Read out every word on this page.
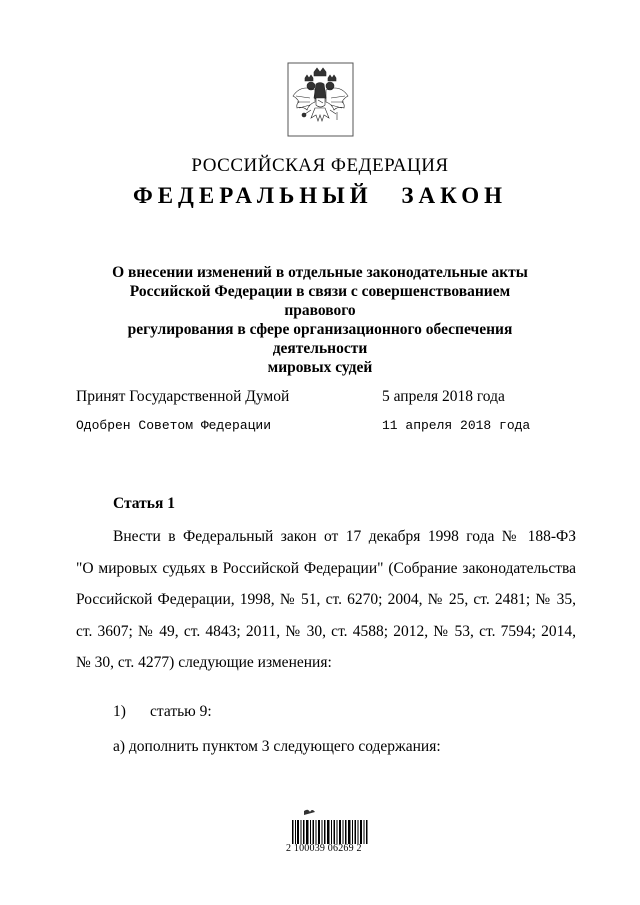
РОССИЙСКАЯ ФЕДЕРАЦИЯ
ФЕДЕРАЛЬНЫЙ ЗАКОН
О внесении изменений в отдельные законодательные акты
Российской Федерации в связи с совершенствованием правового
регулирования в сфере организационного обеспечения деятельности
мировых судей
Принят Государственной Думой	5 апреля 2018 года
Одобрен Советом Федерации	11 апреля 2018 года
Статья 1
Внести в Федеральный закон от 17 декабря 1998 года № 188-ФЗ
"О мировых судьях в Российской Федерации" (Собрание законодательства
Российской Федерации, 1998, № 51, ст. 6270; 2004, № 25, ст. 2481; № 35,
ст. 3607; № 49, ст. 4843; 2011, № 30, ст. 4588; 2012, № 53, ст. 7594; 2014,
№ 30, ст. 4277) следующие изменения:
1) статью 9:
а) дополнить пунктом 3 следующего содержания:
2 100039 06269 2
